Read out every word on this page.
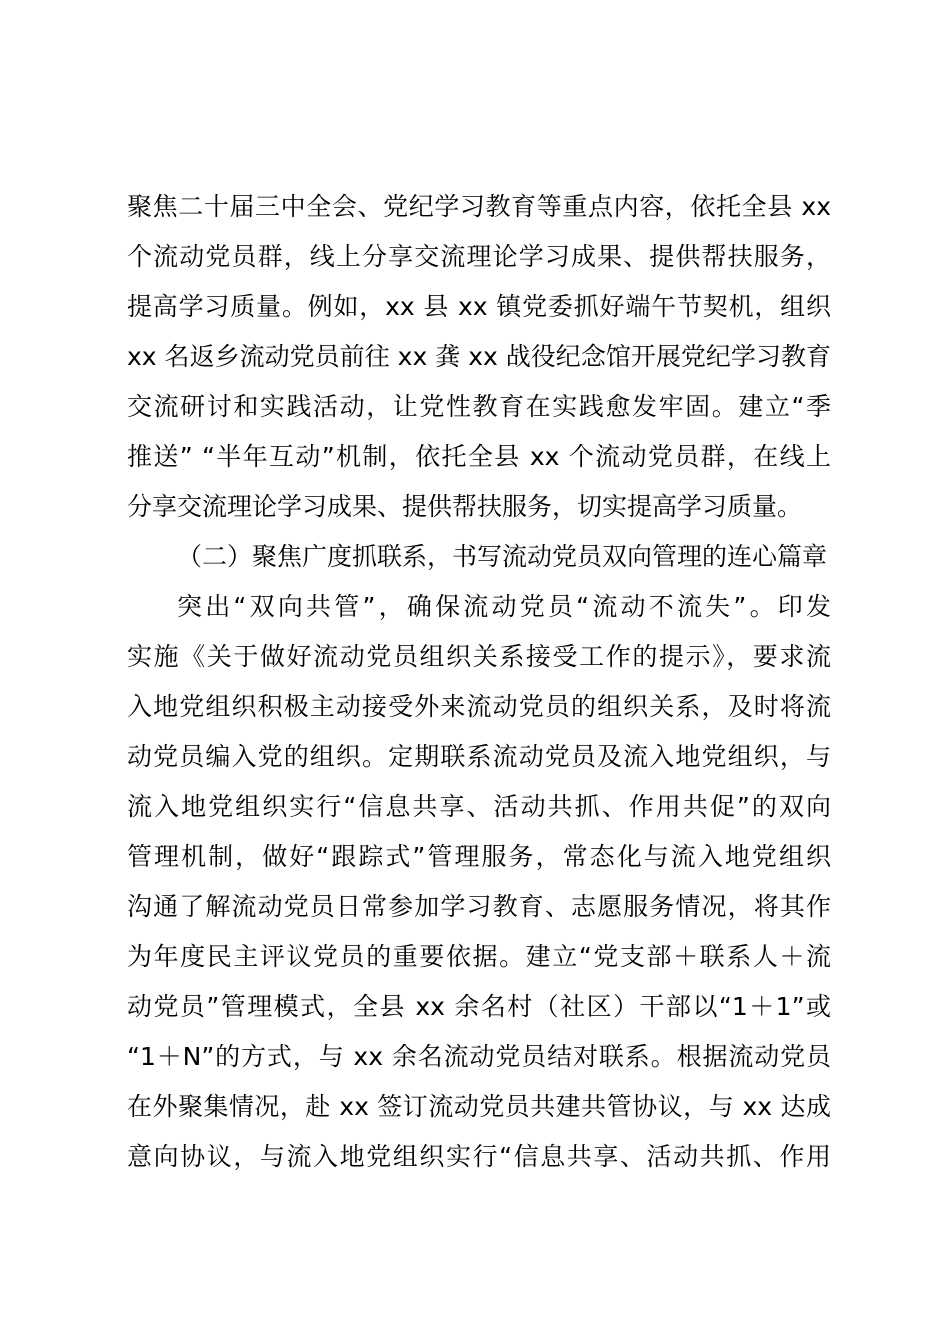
聚焦二十届三中全会、党纪学习教育等重点内容，依托全县 xx
个流动党员群，线上分享交流理论学习成果、提供帮扶服务，
提高学习质量。例如，xx 县 xx 镇党委抓好端午节契机，组织
xx 名返乡流动党员前往 xx 龚 xx 战役纪念馆开展党纪学习教育
交流研讨和实践活动，让党性教育在实践愈发牢固。建立“季
推送” “半年互动”机制，依托全县 xx 个流动党员群，在线上
分享交流理论学习成果、提供帮扶服务，切实提高学习质量。
（二）聚焦广度抓联系，书写流动党员双向管理的连心篇章
突出“双向共管”，确保流动党员“流动不流失”。印发
实施《关于做好流动党员组织关系接受工作的提示》，要求流
入地党组织积极主动接受外来流动党员的组织关系，及时将流
动党员编入党的组织。定期联系流动党员及流入地党组织，与
流入地党组织实行“信息共享、活动共抓、作用共促”的双向
管理机制，做好“跟踪式”管理服务，常态化与流入地党组织
沟通了解流动党员日常参加学习教育、志愿服务情况，将其作
为年度民主评议党员的重要依据。建立“党支部＋联系人＋流
动党员”管理模式，全县 xx 余名村（社区）干部以“1＋1”或
“1＋N”的方式，与 xx 余名流动党员结对联系。根据流动党员
在外聚集情况，赴 xx 签订流动党员共建共管协议，与 xx 达成
意向协议，与流入地党组织实行“信息共享、活动共抓、作用
